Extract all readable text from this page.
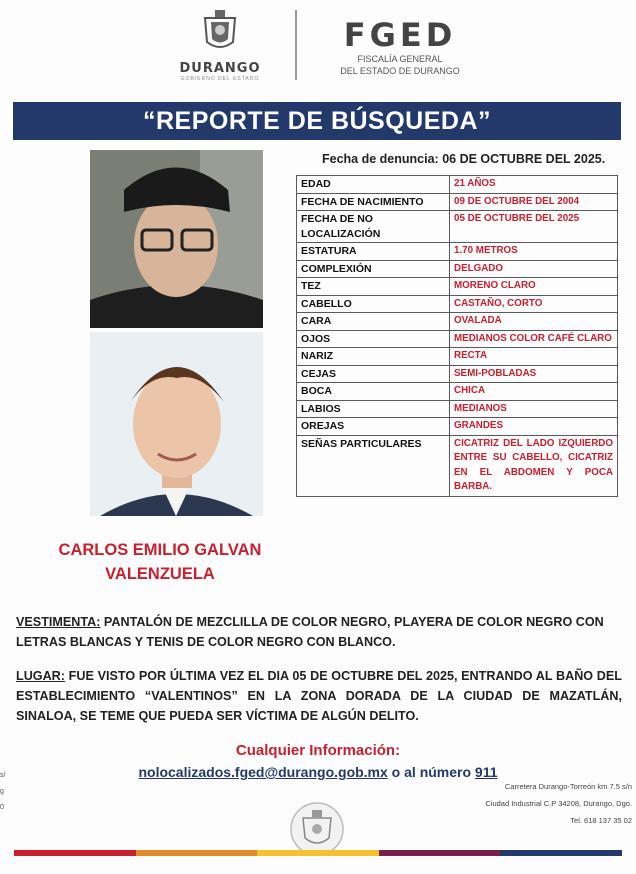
DURANGO
GOBIERNO DEL ESTADO
FGED
FISCALÍA GENERAL
DEL ESTADO DE DURANGO
“REPORTE DE BÚSQUEDA”
CARLOS EMILIO GALVAN
VALENZUELA
Fecha de denuncia: 06 DE OCTUBRE DEL 2025.
EDAD	21 AÑOS
FECHA DE NACIMIENTO	09 DE OCTUBRE DEL 2004
FECHA DE NO LOCALIZACIÓN	05 DE OCTUBRE DEL 2025
ESTATURA	1.70 METROS
COMPLEXIÓN	DELGADO
TEZ	MORENO CLARO
CABELLO	CASTAÑO, CORTO
CARA	OVALADA
OJOS	MEDIANOS COLOR CAFÉ CLARO
NARIZ	RECTA
CEJAS	SEMI-POBLADAS
BOCA	CHICA
LABIOS	MEDIANOS
OREJAS	GRANDES
SEÑAS PARTICULARES	CICATRIZ DEL LADO IZQUIERDO ENTRE SU CABELLO, CICATRIZ EN EL ABDOMEN Y POCA BARBA.
VESTIMENTA: PANTALÓN DE MEZCLILLA DE COLOR NEGRO, PLAYERA DE COLOR NEGRO CON LETRAS BLANCAS Y TENIS DE COLOR NEGRO CON BLANCO.
LUGAR: FUE VISTO POR ÚLTIMA VEZ EL DIA 05 DE OCTUBRE DEL 2025, ENTRANDO AL BAÑO DEL ESTABLECIMIENTO “VALENTINOS” EN LA ZONA DORADA DE LA CIUDAD DE MAZATLÁN, SINALOA, SE TEME QUE PUEDA SER VÍCTIMA DE ALGÚN DELITO.
Cualquier Información:
nolocalizados.fged@durango.gob.mx o al número 911
Carretera Durango-Torreón km 7.5 s/n
Ciudad Industrial C.P 34208, Durango, Dgo.
Tel. 618 137 35 02
s/
g
0
